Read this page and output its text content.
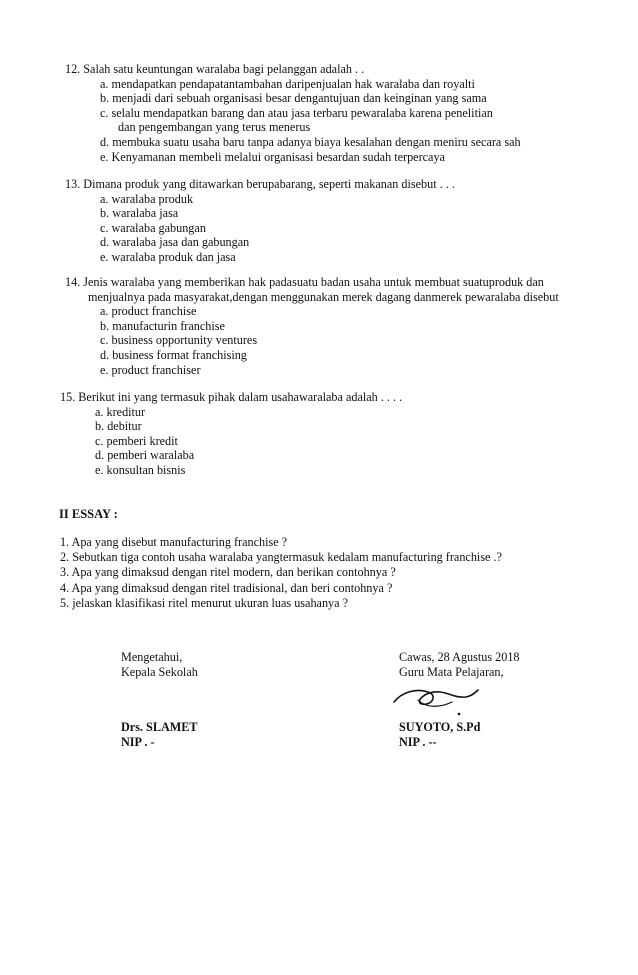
12. Salah satu keuntungan waralaba bagi pelanggan adalah . .
a. mendapatkan pendapatantambahan daripenjualan hak waralaba dan royalti
b. menjadi dari sebuah organisasi besar dengantujuan dan keinginan yang sama
c. selalu mendapatkan barang dan atau jasa terbaru pewaralaba karena penelitian
dan pengembangan yang terus menerus
d. membuka suatu usaha baru tanpa adanya biaya kesalahan dengan meniru secara sah
e. Kenyamanan membeli melalui organisasi besardan sudah terpercaya
13. Dimana produk yang ditawarkan berupabarang, seperti makanan disebut . . .
a. waralaba produk
b. waralaba jasa
c. waralaba gabungan
d. waralaba jasa dan gabungan
e. waralaba produk dan jasa
14. Jenis waralaba yang memberikan hak padasuatu badan usaha untuk membuat suatuproduk dan
menjualnya pada masyarakat,dengan menggunakan merek dagang danmerek pewaralaba disebut
a. product franchise
b. manufacturin franchise
c. business opportunity ventures
d. business format franchising
e. product franchiser
15. Berikut ini yang termasuk pihak dalam usahawaralaba adalah . . . .
a. kreditur
b. debitur
c. pemberi kredit
d. pemberi waralaba
e. konsultan bisnis
II ESSAY :
1. Apa yang disebut manufacturing franchise ?
2. Sebutkan tiga contoh usaha waralaba yangtermasuk kedalam manufacturing franchise .?
3. Apa yang dimaksud dengan ritel modern, dan berikan contohnya ?
4. Apa yang dimaksud dengan ritel tradisional, dan beri contohnya ?
5. jelaskan klasifikasi ritel menurut ukuran luas usahanya ?
Mengetahui,
Kepala Sekolah
Drs. SLAMET
NIP . -
Cawas, 28 Agustus 2018
Guru Mata Pelajaran,
SUYOTO, S.Pd
NIP . --
